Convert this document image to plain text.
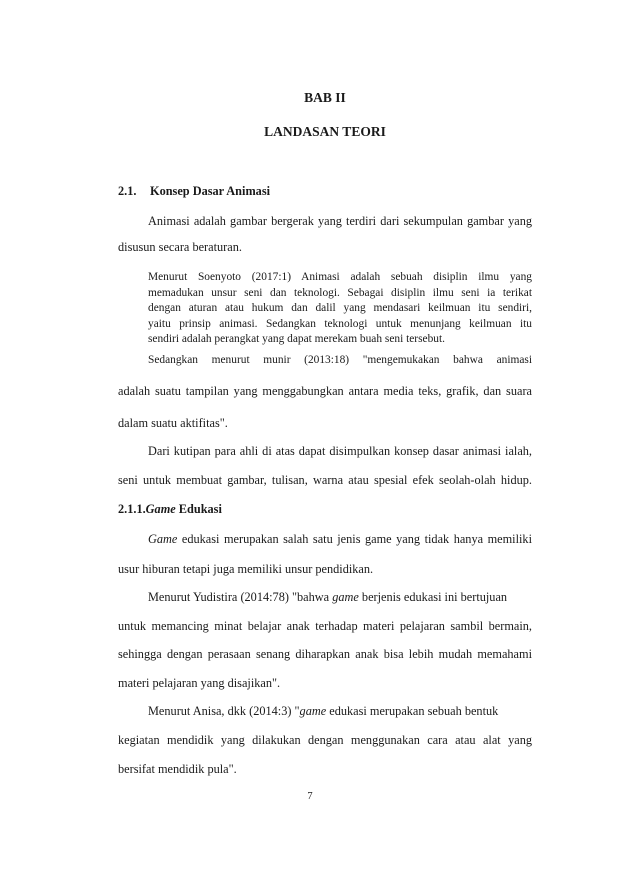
BAB II
LANDASAN TEORI
2.1. Konsep Dasar Animasi
Animasi adalah gambar bergerak yang terdiri dari sekumpulan gambar yang
disusun secara beraturan.
Menurut Soenyoto (2017:1) Animasi adalah sebuah disiplin ilmu yang
memadukan unsur seni dan teknologi. Sebagai disiplin ilmu seni ia terikat
dengan aturan atau hukum dan dalil yang mendasari keilmuan itu sendiri,
yaitu prinsip animasi. Sedangkan teknologi untuk menunjang keilmuan itu
sendiri adalah perangkat yang dapat merekam buah seni tersebut.
Sedangkan menurut munir (2013:18) "mengemukakan bahwa animasi
adalah suatu tampilan yang menggabungkan antara media teks, grafik, dan suara
dalam suatu aktifitas".
Dari kutipan para ahli di atas dapat disimpulkan konsep dasar animasi ialah,
seni untuk membuat gambar, tulisan, warna atau spesial efek seolah-olah hidup.
2.1.1.Game Edukasi
Game edukasi merupakan salah satu jenis game yang tidak hanya memiliki
usur hiburan tetapi juga memiliki unsur pendidikan.
Menurut Yudistira (2014:78) "bahwa game berjenis edukasi ini bertujuan
untuk memancing minat belajar anak terhadap materi pelajaran sambil bermain,
sehingga dengan perasaan senang diharapkan anak bisa lebih mudah memahami
materi pelajaran yang disajikan".
Menurut Anisa, dkk (2014:3) "game edukasi merupakan sebuah bentuk
kegiatan mendidik yang dilakukan dengan menggunakan cara atau alat yang
bersifat mendidik pula".
7
